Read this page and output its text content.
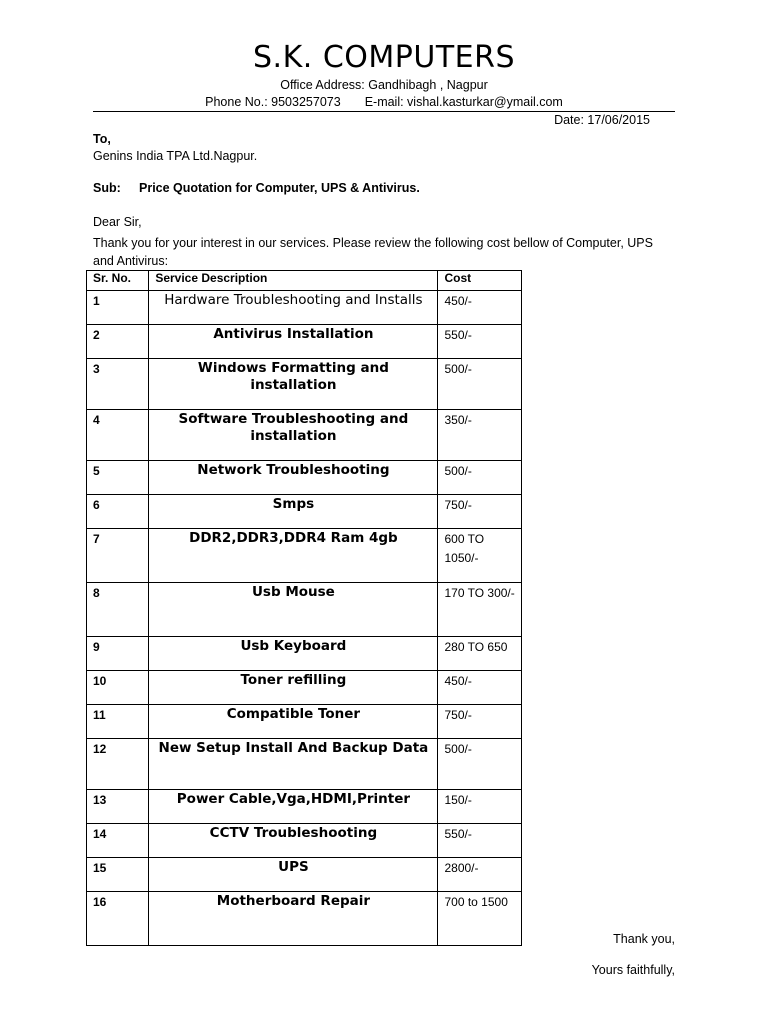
S.K. COMPUTERS
Office Address: Gandhibagh , Nagpur
Phone No.: 9503257073 E-mail: vishal.kasturkar@ymail.com
Date: 17/06/2015
To,
Genins India TPA Ltd.Nagpur.
Sub: Price Quotation for Computer, UPS & Antivirus.
Dear Sir,
Thank you for your interest in our services. Please review the following cost bellow of Computer, UPS and Antivirus:
Sr. No.	Service Description	Cost
1	Hardware Troubleshooting and Installs	450/-
2	Antivirus Installation	550/-
3	Windows Formatting and installation	500/-
4	Software Troubleshooting and installation	350/-
5	Network Troubleshooting	500/-
6	Smps	750/-
7	DDR2,DDR3,DDR4 Ram 4gb	600 TO 1050/-
8	Usb Mouse	170 TO 300/-
9	Usb Keyboard	280 TO 650
10	Toner refilling	450/-
11	Compatible Toner	750/-
12	New Setup Install And Backup Data	500/-
13	Power Cable,Vga,HDMI,Printer	150/-
14	CCTV Troubleshooting	550/-
15	UPS	2800/-
16	Motherboard Repair	700 to 1500
Thank you,
Yours faithfully,
